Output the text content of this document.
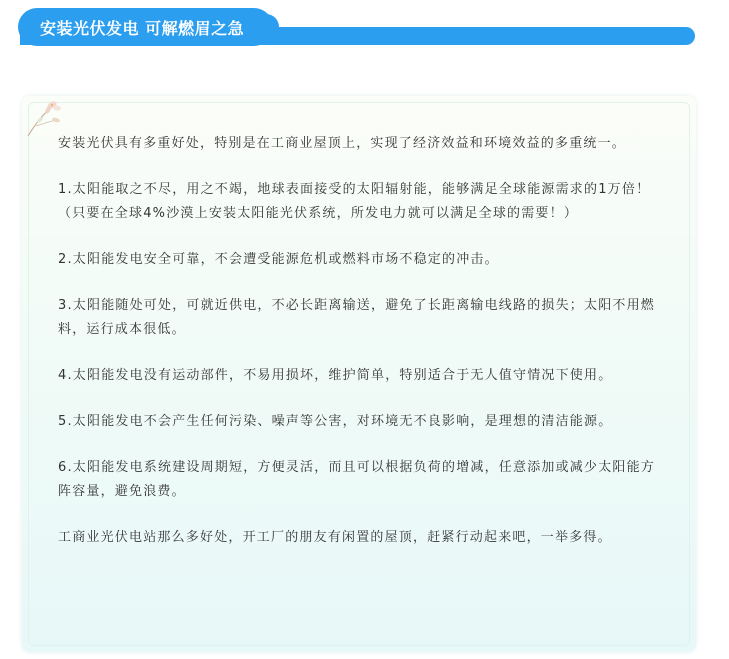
安装光伏发电 可解燃眉之急

安装光伏具有多重好处，特别是在工商业屋顶上，实现了经济效益和环境效益的多重统一。

1.太阳能取之不尽，用之不竭，地球表面接受的太阳辐射能，能够满足全球能源需求的1万倍！（只要在全球4%沙漠上安装太阳能光伏系统，所发电力就可以满足全球的需要！）

2.太阳能发电安全可靠，不会遭受能源危机或燃料市场不稳定的冲击。

3.太阳能随处可处，可就近供电，不必长距离输送，避免了长距离输电线路的损失；太阳不用燃料，运行成本很低。

4.太阳能发电没有运动部件，不易用损坏，维护简单，特别适合于无人值守情况下使用。

5.太阳能发电不会产生任何污染、噪声等公害，对环境无不良影响，是理想的清洁能源。

6.太阳能发电系统建设周期短，方便灵活，而且可以根据负荷的增减，任意添加或减少太阳能方阵容量，避免浪费。

工商业光伏电站那么多好处，开工厂的朋友有闲置的屋顶，赶紧行动起来吧，一举多得。
